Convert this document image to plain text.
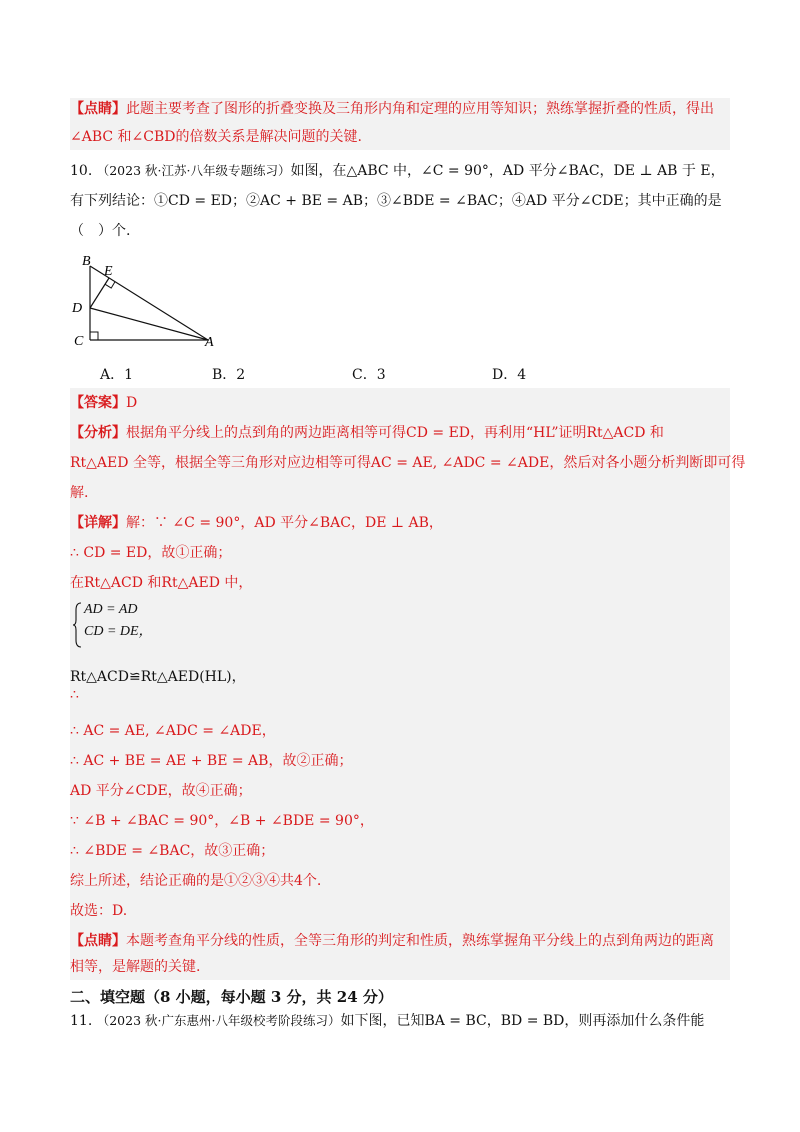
【点睛】此题主要考查了图形的折叠变换及三角形内角和定理的应用等知识；熟练掌握折叠的性质，得出
∠ABC 和∠CBD的倍数关系是解决问题的关键.
10. （2023 秋·江苏·八年级专题练习）如图，在△ABC 中，∠C = 90°，AD 平分∠BAC，DE ⊥ AB 于 E，
有下列结论：①CD = ED；②AC + BE = AB；③∠BDE = ∠BAC；④AD 平分∠CDE；其中正确的是
（　）个.
B
E
D
C	A
A．1	B．2	C．3	D．4
【答案】D
【分析】根据角平分线上的点到角的两边距离相等可得CD = ED，再利用“HL”证明Rt△ACD 和
Rt△AED 全等，根据全等三角形对应边相等可得AC = AE, ∠ADC = ∠ADE，然后对各小题分析判断即可得
解.
【详解】解：∵ ∠C = 90°，AD 平分∠BAC，DE ⊥ AB，
∴ CD = ED，故①正确；
在Rt△ACD 和Rt△AED 中，
AD = AD
CD = DE，
Rt△ACD≌Rt△AED(HL)，
∴
∴ AC = AE, ∠ADC = ∠ADE，
∴ AC + BE = AE + BE = AB，故②正确；
AD 平分∠CDE，故④正确；
∵ ∠B + ∠BAC = 90°，∠B + ∠BDE = 90°，
∴ ∠BDE = ∠BAC，故③正确；
综上所述，结论正确的是①②③④共4个.
故选：D.
【点睛】本题考查角平分线的性质，全等三角形的判定和性质，熟练掌握角平分线上的点到角两边的距离
相等，是解题的关键.
二、填空题（8 小题，每小题 3 分，共 24 分）
11. （2023 秋·广东惠州·八年级校考阶段练习）如下图，已知BA = BC，BD = BD，则再添加什么条件能
